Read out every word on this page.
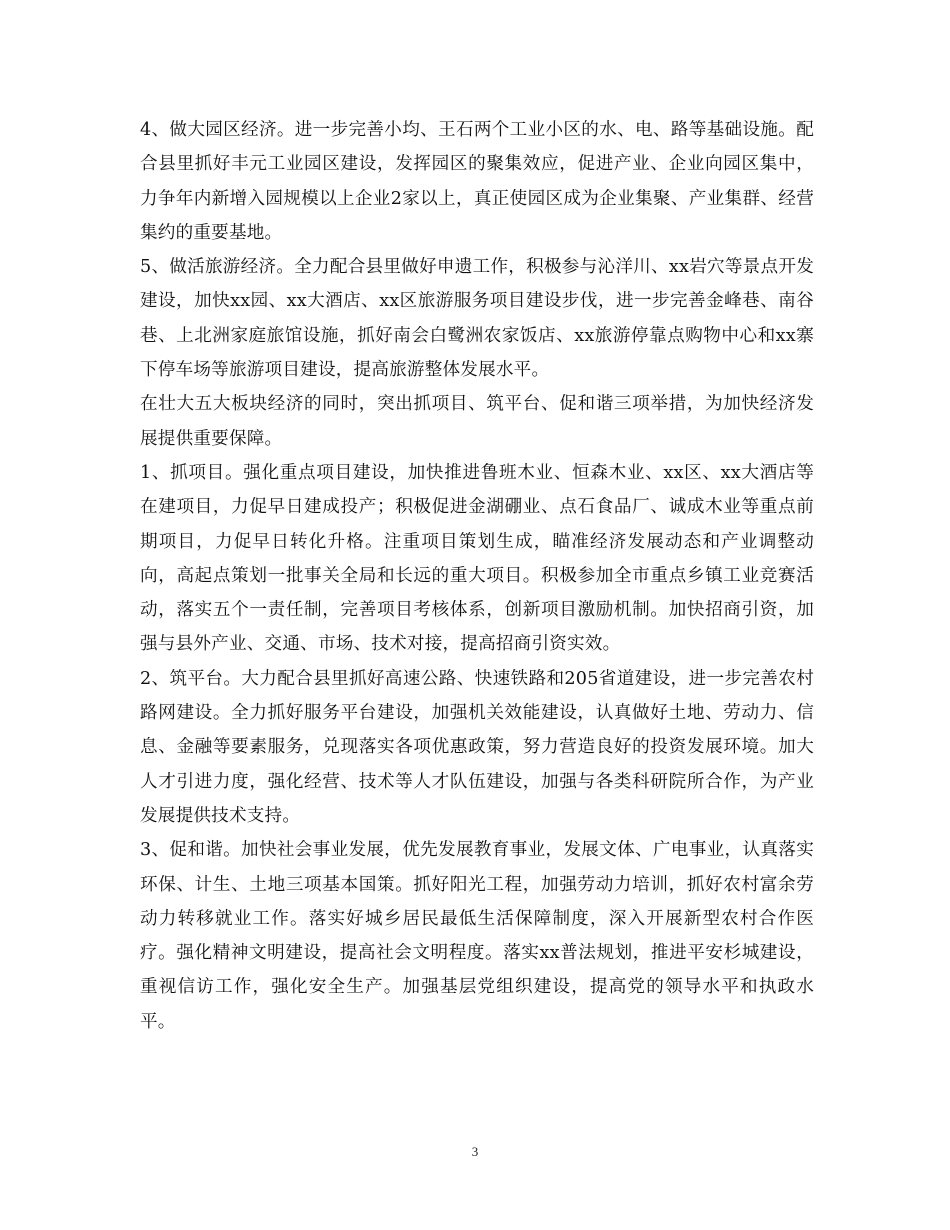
4、做大园区经济。进一步完善小均、王石两个工业小区的水、电、路等基础设施。配合县里抓好丰元工业园区建设，发挥园区的聚集效应，促进产业、企业向园区集中，力争年内新增入园规模以上企业2家以上，真正使园区成为企业集聚、产业集群、经营集约的重要基地。

5、做活旅游经济。全力配合县里做好申遗工作，积极参与沁洋川、xx岩穴等景点开发建设，加快xx园、xx大酒店、xx区旅游服务项目建设步伐，进一步完善金峰巷、南谷巷、上北洲家庭旅馆设施，抓好南会白鹭洲农家饭店、xx旅游停靠点购物中心和xx寨下停车场等旅游项目建设，提高旅游整体发展水平。

在壮大五大板块经济的同时，突出抓项目、筑平台、促和谐三项举措，为加快经济发展提供重要保障。

1、抓项目。强化重点项目建设，加快推进鲁班木业、恒森木业、xx区、xx大酒店等在建项目，力促早日建成投产；积极促进金湖硼业、点石食品厂、诚成木业等重点前期项目，力促早日转化升格。注重项目策划生成，瞄准经济发展动态和产业调整动向，高起点策划一批事关全局和长远的重大项目。积极参加全市重点乡镇工业竞赛活动，落实五个一责任制，完善项目考核体系，创新项目激励机制。加快招商引资，加强与县外产业、交通、市场、技术对接，提高招商引资实效。

2、筑平台。大力配合县里抓好高速公路、快速铁路和205省道建设，进一步完善农村路网建设。全力抓好服务平台建设，加强机关效能建设，认真做好土地、劳动力、信息、金融等要素服务，兑现落实各项优惠政策，努力营造良好的投资发展环境。加大人才引进力度，强化经营、技术等人才队伍建设，加强与各类科研院所合作，为产业发展提供技术支持。

3、促和谐。加快社会事业发展，优先发展教育事业，发展文体、广电事业，认真落实环保、计生、土地三项基本国策。抓好阳光工程，加强劳动力培训，抓好农村富余劳动力转移就业工作。落实好城乡居民最低生活保障制度，深入开展新型农村合作医疗。强化精神文明建设，提高社会文明程度。落实xx普法规划，推进平安杉城建设，重视信访工作，强化安全生产。加强基层党组织建设，提高党的领导水平和执政水平。

3
